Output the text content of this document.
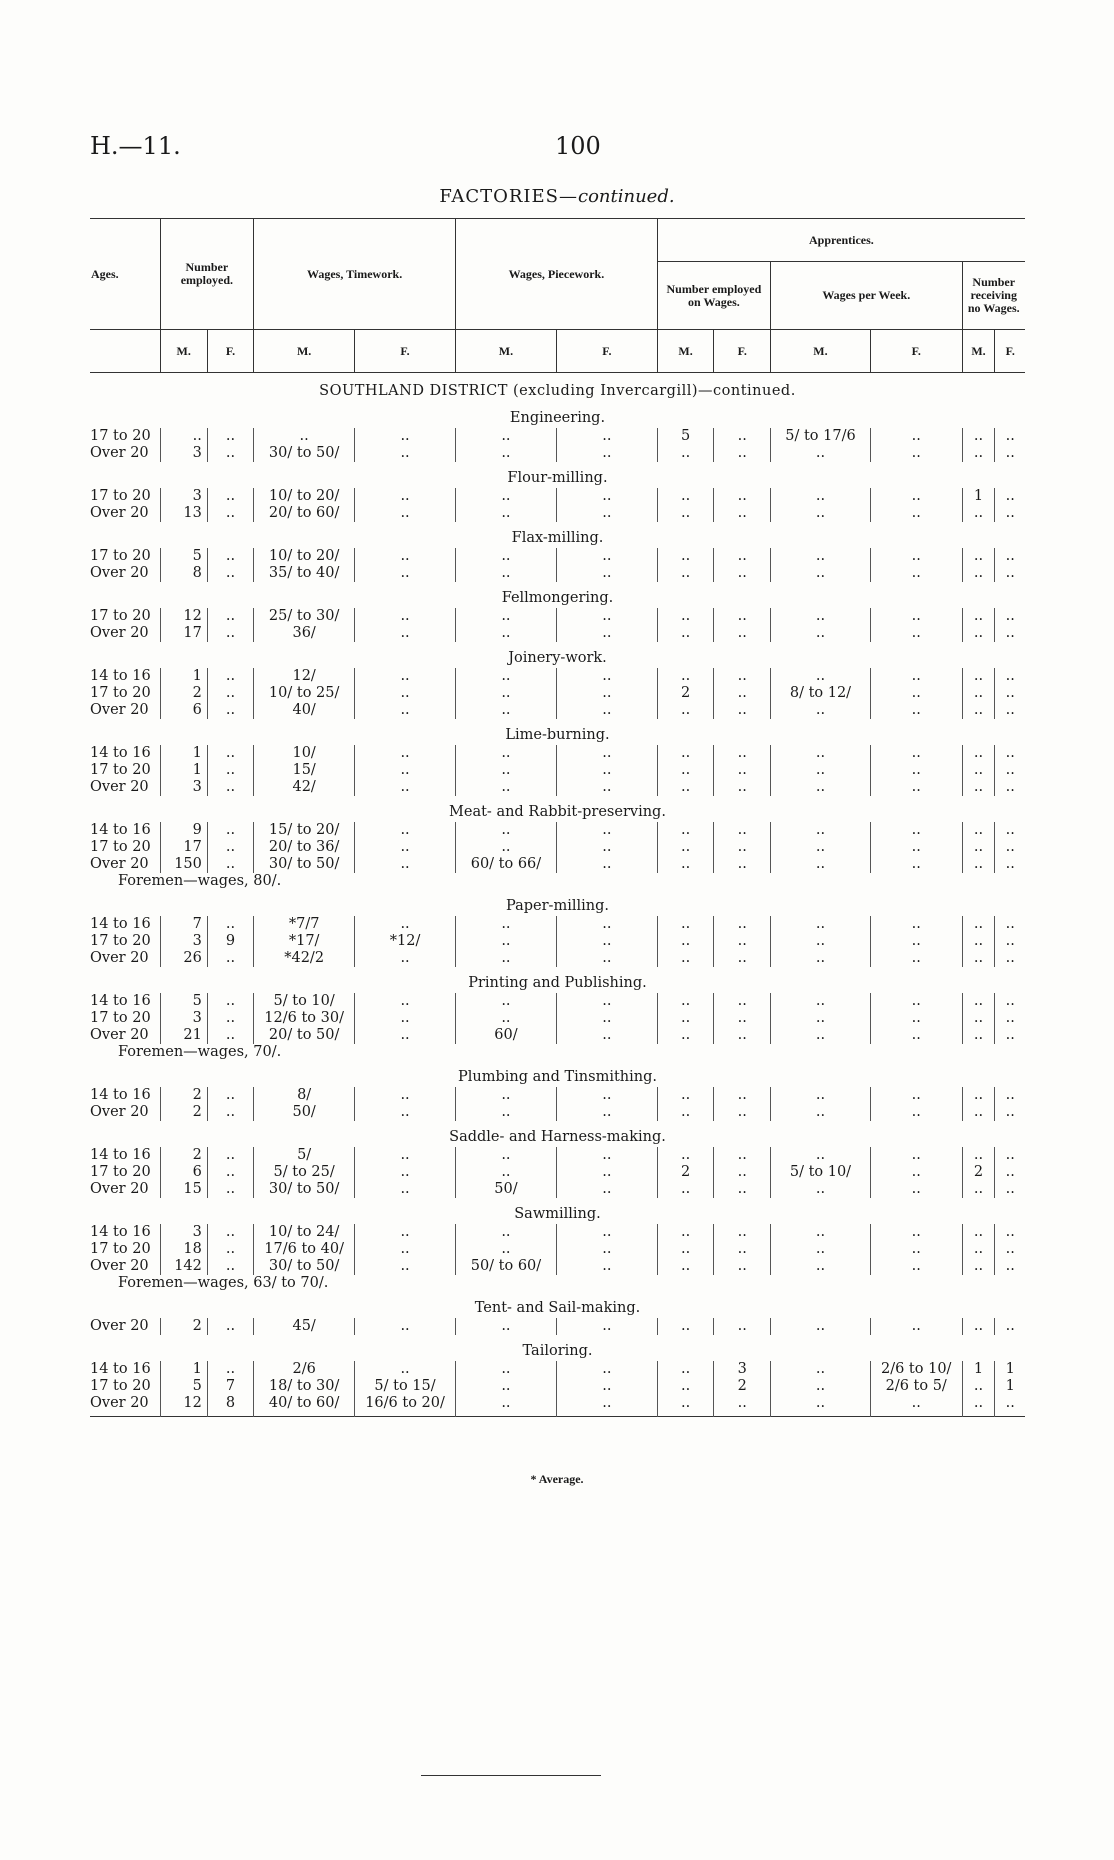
H.—11.	100
FACTORIES—continued.
Ages.	Number employed.		Wages, Timework.		Wages, Piecework.		Apprentices.					
							Number employed on Wages.		Wages per Week.		Number receiving no Wages.	
	M.	F.	M.	F.	M.	F.	M.	F.	M.	F.	M.	F.
SOUTHLAND DISTRICT (excluding Invercargill)—continued.												
Engineering.												
17 to 20	..	..	..	..	..	..	5	..	5/ to 17/6	..	..	..
Over 20	3	..	30/ to 50/	..	..	..	..	..	..	..	..	..
Flour-milling.												
17 to 20	3	..	10/ to 20/	..	..	..	..	..	..	..	1	..
Over 20	13	..	20/ to 60/	..	..	..	..	..	..	..	..	..
Flax-milling.												
17 to 20	5	..	10/ to 20/	..	..	..	..	..	..	..	..	..
Over 20	8	..	35/ to 40/	..	..	..	..	..	..	..	..	..
Fellmongering.												
17 to 20	12	..	25/ to 30/	..	..	..	..	..	..	..	..	..
Over 20	17	..	36/	..	..	..	..	..	..	..	..	..
Joinery-work.												
14 to 16	1	..	12/	..	..	..	..	..	..	..	..	..
17 to 20	2	..	10/ to 25/	..	..	..	2	..	8/ to 12/	..	..	..
Over 20	6	..	40/	..	..	..	..	..	..	..	..	..
Lime-burning.												
14 to 16	1	..	10/	..	..	..	..	..	..	..	..	..
17 to 20	1	..	15/	..	..	..	..	..	..	..	..	..
Over 20	3	..	42/	..	..	..	..	..	..	..	..	..
Meat- and Rabbit-preserving.												
14 to 16	9	..	15/ to 20/	..	..	..	..	..	..	..	..	..
17 to 20	17	..	20/ to 36/	..	..	..	..	..	..	..	..	..
Over 20	150	..	30/ to 50/	..	60/ to 66/	..	..	..	..	..	..	..
Foremen—wages, 80/.												
Paper-milling.												
14 to 16	7	..	*7/7	..	..	..	..	..	..	..	..	..
17 to 20	3	9	*17/	*12/	..	..	..	..	..	..	..	..
Over 20	26	..	*42/2	..	..	..	..	..	..	..	..	..
Printing and Publishing.												
14 to 16	5	..	5/ to 10/	..	..	..	..	..	..	..	..	..
17 to 20	3	..	12/6 to 30/	..	..	..	..	..	..	..	..	..
Over 20	21	..	20/ to 50/	..	60/	..	..	..	..	..	..	..
Foremen—wages, 70/.												
Plumbing and Tinsmithing.												
14 to 16	2	..	8/	..	..	..	..	..	..	..	..	..
Over 20	2	..	50/	..	..	..	..	..	..	..	..	..
Saddle- and Harness-making.												
14 to 16	2	..	5/	..	..	..	..	..	..	..	..	..
17 to 20	6	..	5/ to 25/	..	..	..	2	..	5/ to 10/	..	2	..
Over 20	15	..	30/ to 50/	..	50/	..	..	..	..	..	..	..
Sawmilling.												
14 to 16	3	..	10/ to 24/	..	..	..	..	..	..	..	..	..
17 to 20	18	..	17/6 to 40/	..	..	..	..	..	..	..	..	..
Over 20	142	..	30/ to 50/	..	50/ to 60/	..	..	..	..	..	..	..
Foremen—wages, 63/ to 70/.												
Tent- and Sail-making.												
Over 20	2	..	45/	..	..	..	..	..	..	..	..	..
Tailoring.												
14 to 16	1	..	2/6	..	..	..	..	3	..	2/6 to 10/	1	1
17 to 20	5	7	18/ to 30/	5/ to 15/	..	..	..	2	..	2/6 to 5/	..	1
Over 20	12	8	40/ to 60/	16/6 to 20/	..	..	..	..	..	..	..	..
* Average.
